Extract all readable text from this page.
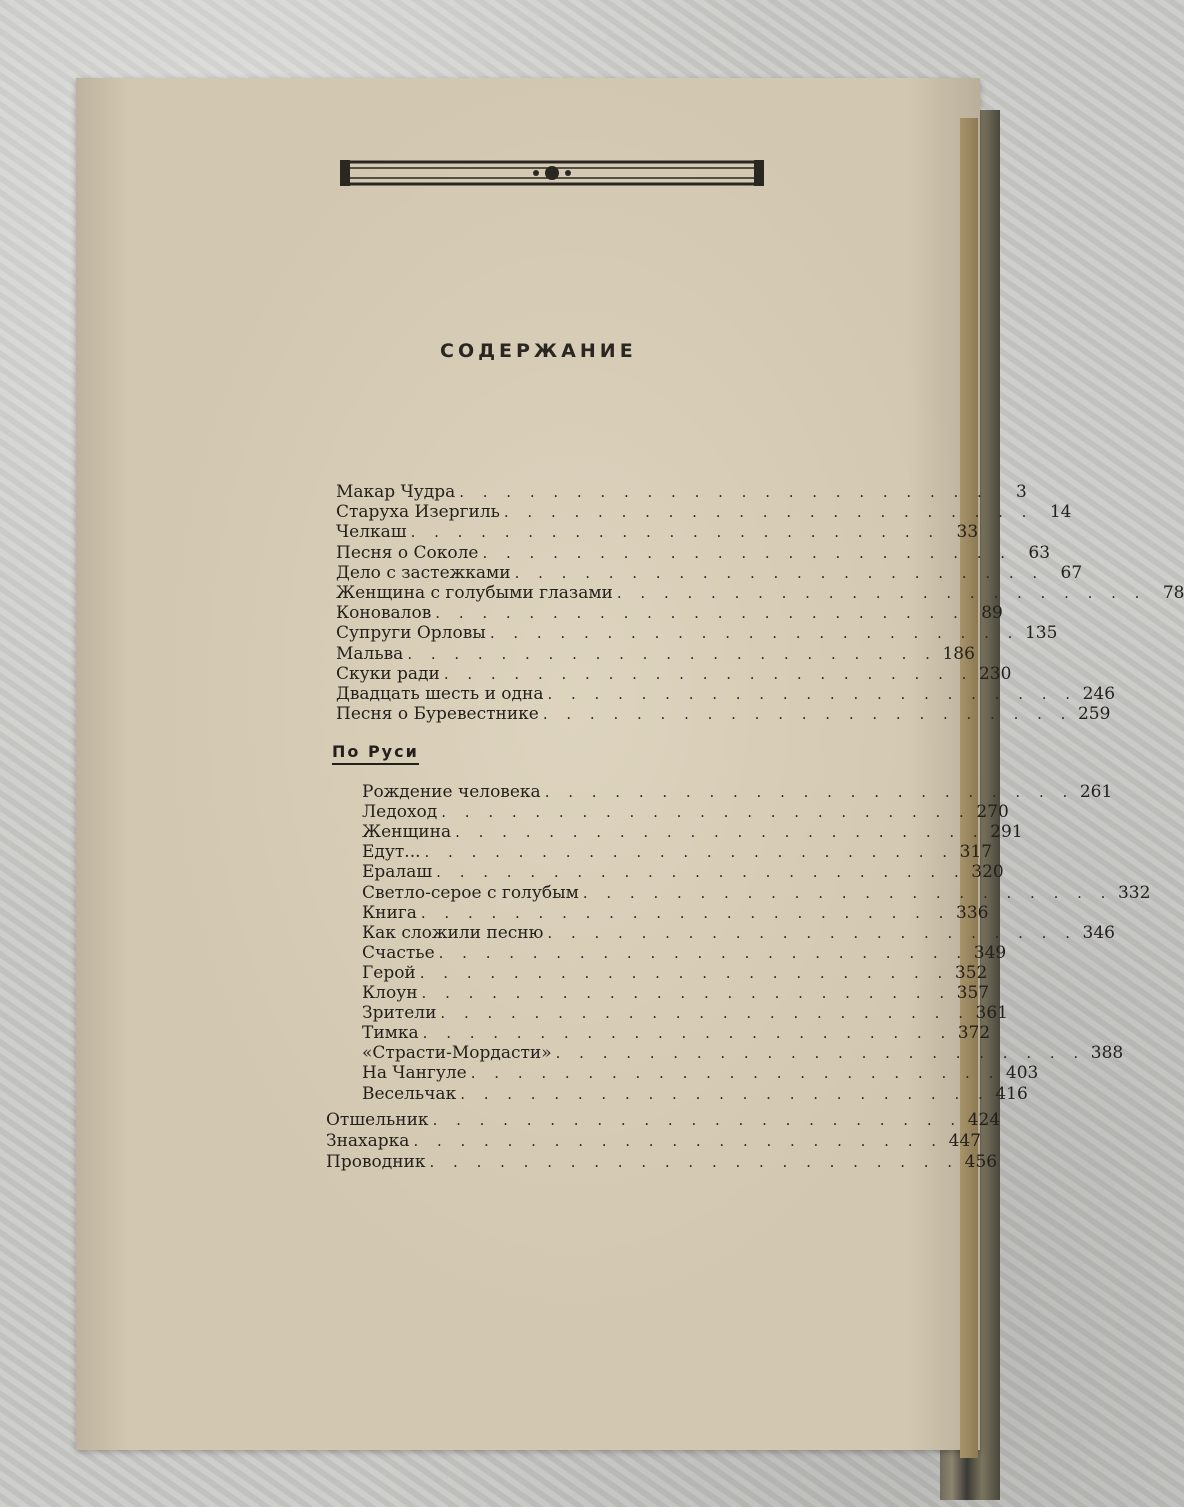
СОДЕРЖАНИЕ
Макар Чудра . . . . . . . . . . . . . . . . . . . . . . .	3
Старуха Изергиль . . . . . . . . . . . . . . . . . . . . . . . 14
Челкаш . . . . . . . . . . . . . . . . . . . . . . . 33
Песня о Соколе . . . . . . . . . . . . . . . . . . . . . . . 63
Дело с застежками . . . . . . . . . . . . . . . . . . . . . . . 67
Женщина с голубыми глазами . . . . . . . . . . . . . . . . . . . . . . . 78
Коновалов . . . . . . . . . . . . . . . . . . . . . . . 89
Супруги Орловы . . . . . . . . . . . . . . . . . . . . . . . 135
Мальва . . . . . . . . . . . . . . . . . . . . . . . 186
Скуки ради . . . . . . . . . . . . . . . . . . . . . . . 230
Двадцать шесть и одна . . . . . . . . . . . . . . . . . . . . . . . 246
Песня о Буревестнике . . . . . . . . . . . . . . . . . . . . . . . 259
Рождение человека . . . . . . . . . . . . . . . . . . . . . . . 261
Ледоход . . . . . . . . . . . . . . . . . . . . . . . 270
Женщина . . . . . . . . . . . . . . . . . . . . . . . 291
Едут... . . . . . . . . . . . . . . . . . . . . . . . 317
Ералаш . . . . . . . . . . . . . . . . . . . . . . . 320
Светло-серое с голубым . . . . . . . . . . . . . . . . . . . . . . . 332
Книга . . . . . . . . . . . . . . . . . . . . . . . 336
Как сложили песню . . . . . . . . . . . . . . . . . . . . . . . 346
Счастье . . . . . . . . . . . . . . . . . . . . . . . 349
Герой . . . . . . . . . . . . . . . . . . . . . . . 352
Клоун . . . . . . . . . . . . . . . . . . . . . . . 357
Зрители . . . . . . . . . . . . . . . . . . . . . . . 361
Тимка . . . . . . . . . . . . . . . . . . . . . . . 372
«Страсти-Мордасти» . . . . . . . . . . . . . . . . . . . . . . . 388
На Чангуле . . . . . . . . . . . . . . . . . . . . . . . 403
Весельчак . . . . . . . . . . . . . . . . . . . . . . . 416
Отшельник . . . . . . . . . . . . . . . . . . . . . . . 424
Знахарка . . . . . . . . . . . . . . . . . . . . . . . 447
Проводник . . . . . . . . . . . . . . . . . . . . . . . 456
По Руси
